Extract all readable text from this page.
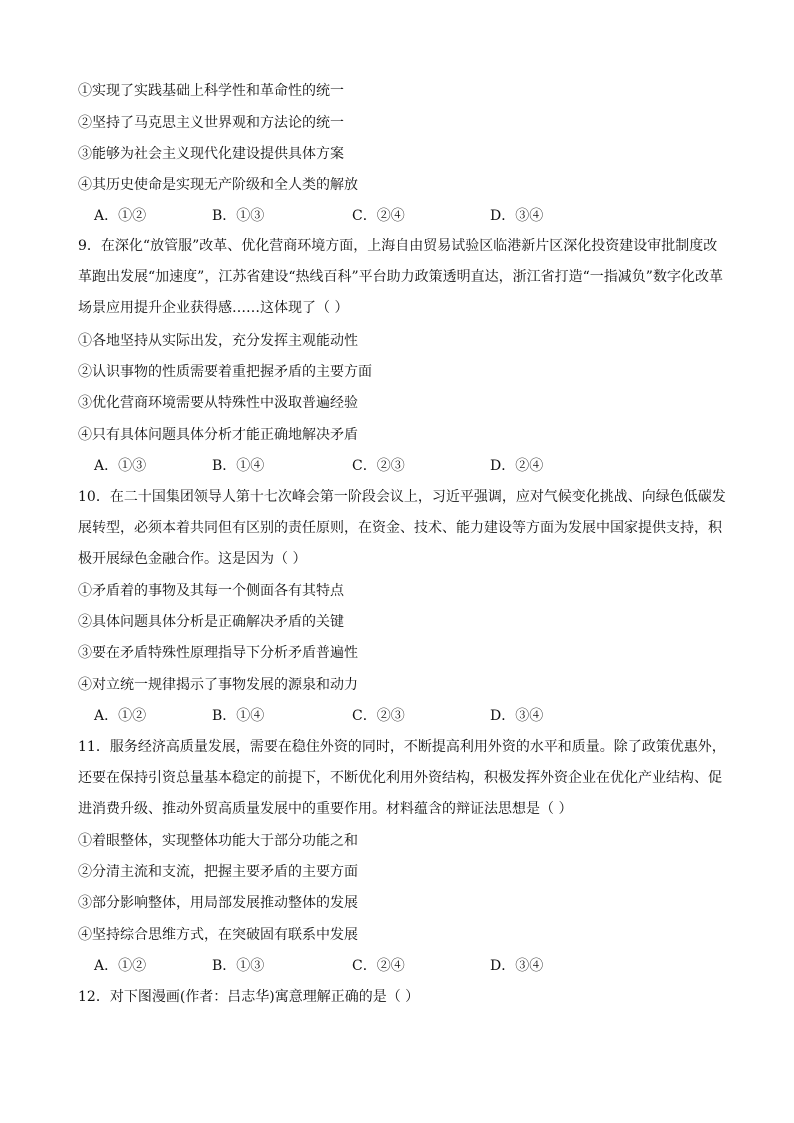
①实现了实践基础上科学性和革命性的统一
②坚持了马克思主义世界观和方法论的统一
③能够为社会主义现代化建设提供具体方案
④其历史使命是实现无产阶级和全人类的解放
A．①②	B．①③	C．②④	D．③④
9．在深化“放管服”改革、优化营商环境方面，上海自由贸易试验区临港新片区深化投资建设审批制度改革跑出发展“加速度”，江苏省建设“热线百科”平台助力政策透明直达，浙江省打造“一指减负”数字化改革场景应用提升企业获得感……这体现了（ ）
①各地坚持从实际出发，充分发挥主观能动性
②认识事物的性质需要着重把握矛盾的主要方面
③优化营商环境需要从特殊性中汲取普遍经验
④只有具体问题具体分析才能正确地解决矛盾
A．①③	B．①④	C．②③	D．②④
10．在二十国集团领导人第十七次峰会第一阶段会议上，习近平强调，应对气候变化挑战、向绿色低碳发展转型，必须本着共同但有区别的责任原则，在资金、技术、能力建设等方面为发展中国家提供支持，积极开展绿色金融合作。这是因为（ ）
①矛盾着的事物及其每一个侧面各有其特点
②具体问题具体分析是正确解决矛盾的关键
③要在矛盾特殊性原理指导下分析矛盾普遍性
④对立统一规律揭示了事物发展的源泉和动力
A．①②	B．①④	C．②③	D．③④
11．服务经济高质量发展，需要在稳住外资的同时，不断提高利用外资的水平和质量。除了政策优惠外，还要在保持引资总量基本稳定的前提下，不断优化利用外资结构，积极发挥外资企业在优化产业结构、促进消费升级、推动外贸高质量发展中的重要作用。材料蕴含的辩证法思想是（ ）
①着眼整体，实现整体功能大于部分功能之和
②分清主流和支流，把握主要矛盾的主要方面
③部分影响整体，用局部发展推动整体的发展
④坚持综合思维方式，在突破固有联系中发展
A．①②	B．①③	C．②④	D．③④
12．对下图漫画(作者：吕志华)寓意理解正确的是（ ）
